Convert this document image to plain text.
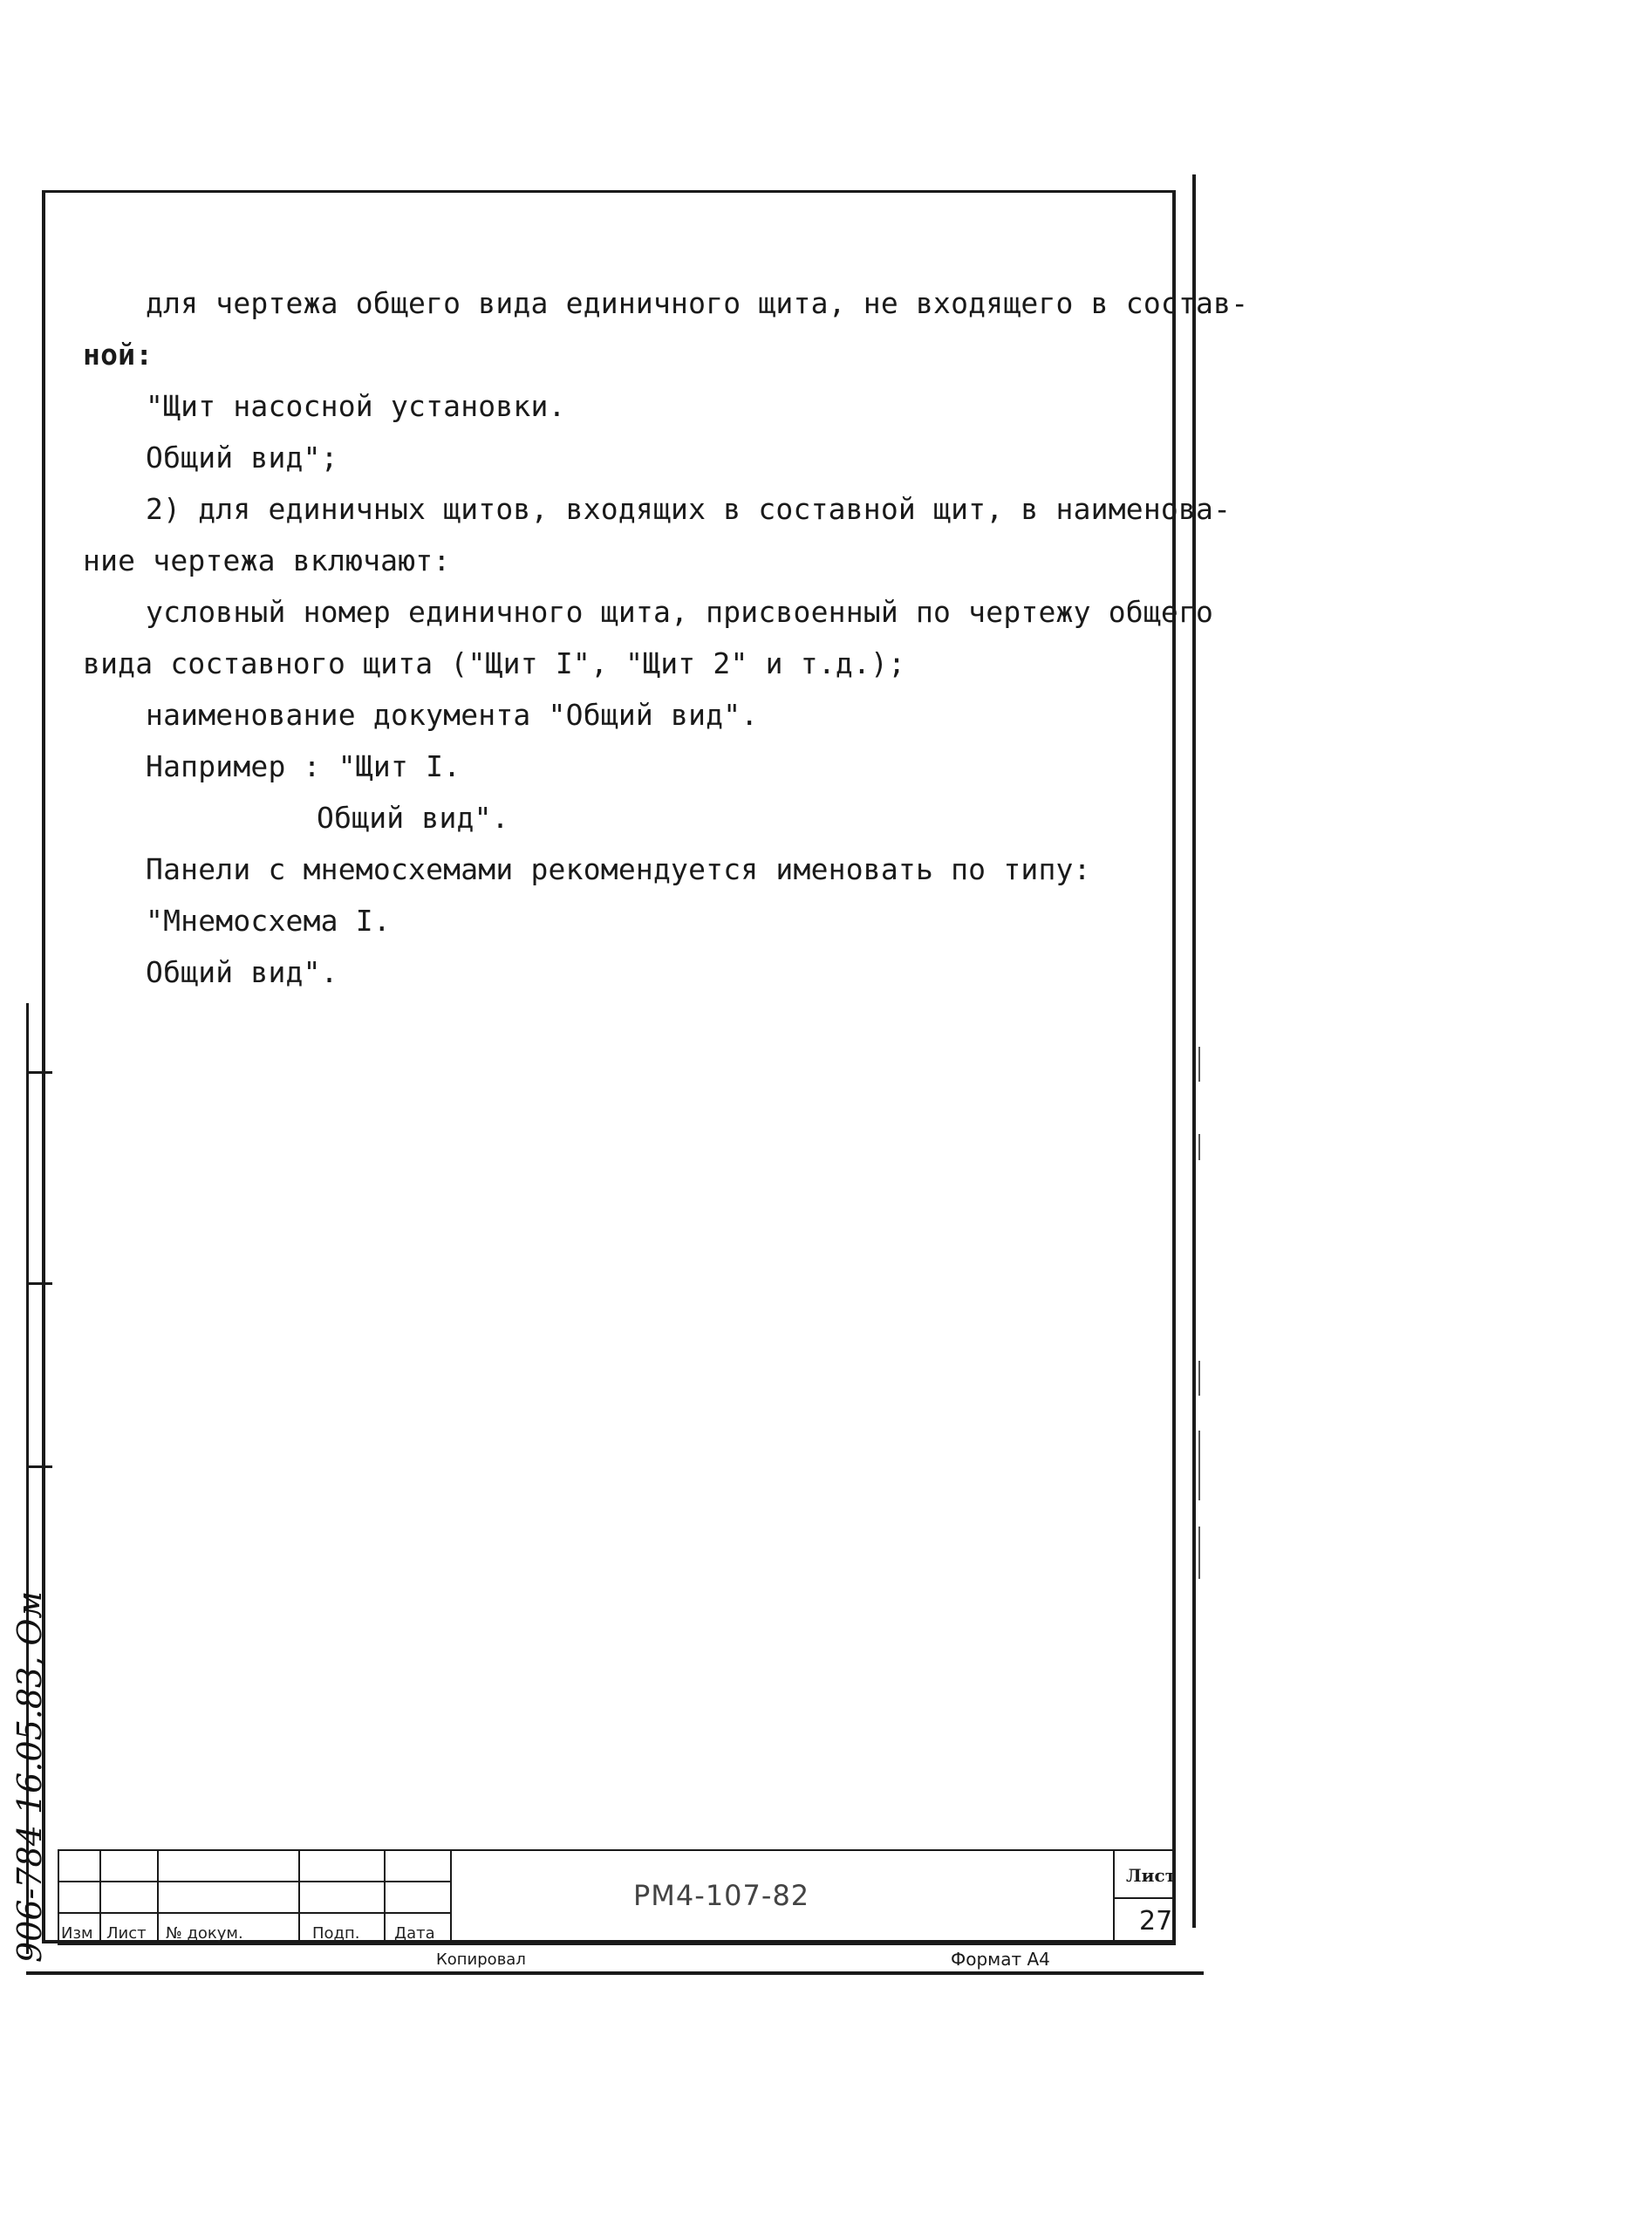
для чертежа общего вида единичного щита, не входящего в состав-

ной:

"Щит насосной установки.

Общий вид";

2) для единичных щитов, входящих в составной щит, в наименова-

ние чертежа включают:

условный номер единичного щита, присвоенный по чертежу общего

вида составного щита ("Щит I", "Щит 2" и т.д.);

наименование документа "Общий вид".

Например : "Щит I.

Общий вид".

Панели с мнемосхемами рекомендуется именовать по типу:

"Мнемосхема I.

Общий вид".

Изм Лист № докум.	Подп. Дата
РМ4-107-82
Лист
27
Копировал	Формат А4
906-784 16.05.83, Ом
